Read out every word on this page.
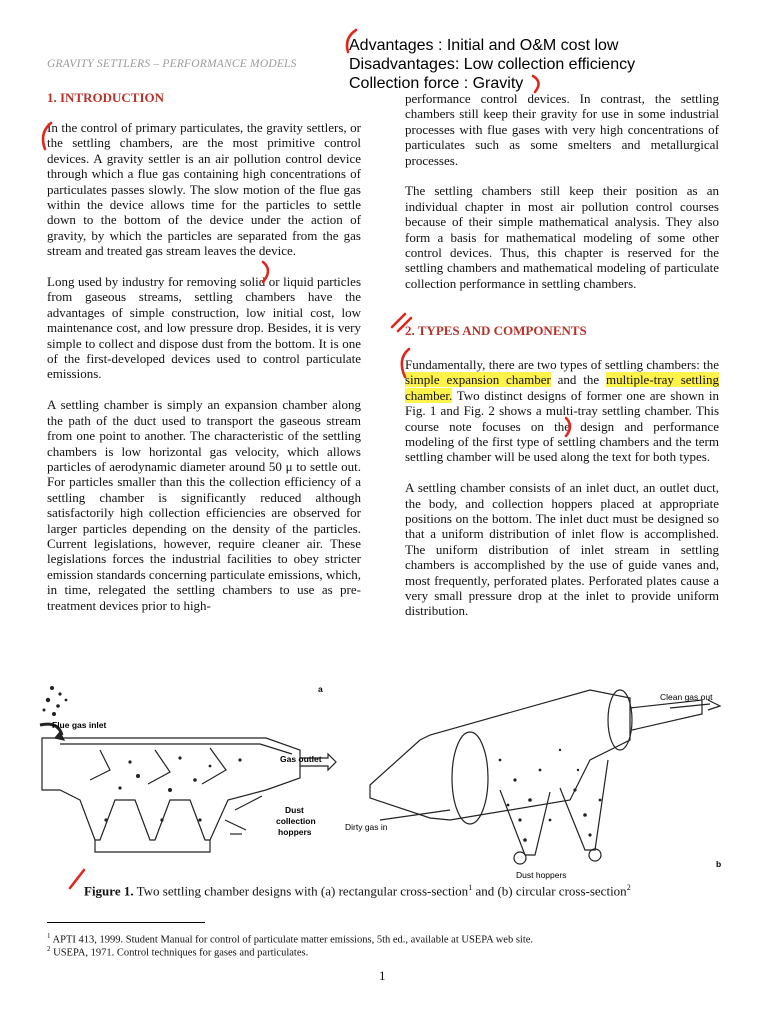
GRAVITY SETTLERS – PERFORMANCE MODELS
Advantages : Initial and O&M cost low
Disadvantages: Low collection efficiency
Collection force : Gravity
1. INTRODUCTION

In the control of primary particulates, the gravity settlers, or the settling chambers, are the most primitive control devices. A gravity settler is an air pollution control device through which a flue gas containing high concentrations of particulates passes slowly. The slow motion of the flue gas within the device allows time for the particles to settle down to the bottom of the device under the action of gravity, by which the particles are separated from the gas stream and treated gas stream leaves the device.

Long used by industry for removing solid or liquid particles from gaseous streams, settling chambers have the advantages of simple construction, low initial cost, low maintenance cost, and low pressure drop. Besides, it is very simple to collect and dispose dust from the bottom. It is one of the first-developed devices used to control particulate emissions.

A settling chamber is simply an expansion chamber along the path of the duct used to transport the gaseous stream from one point to another. The characteristic of the settling chambers is low horizontal gas velocity, which allows particles of aerodynamic diameter around 50 μ to settle out. For particles smaller than this the collection efficiency of a settling chamber is significantly reduced although satisfactorily high collection efficiencies are observed for larger particles depending on the density of the particles. Current legislations, however, require cleaner air. These legislations forces the industrial facilities to obey stricter emission standards concerning particulate emissions, which, in time, relegated the settling chambers to use as pre-treatment devices prior to high-

performance control devices. In contrast, the settling chambers still keep their gravity for use in some industrial processes with flue gases with very high concentrations of particulates such as some smelters and metallurgical processes.

The settling chambers still keep their position as an individual chapter in most air pollution control courses because of their simple mathematical analysis. They also form a basis for mathematical modeling of some other control devices. Thus, this chapter is reserved for the settling chambers and mathematical modeling of particulate collection performance in settling chambers.

2. TYPES AND COMPONENTS

Fundamentally, there are two types of settling chambers: the simple expansion chamber and the multiple-tray settling chamber. Two distinct designs of former one are shown in Fig. 1 and Fig. 2 shows a multi-tray settling chamber. This course note focuses on the design and performance modeling of the first type of settling chambers and the term settling chamber will be used along the text for both types.

A settling chamber consists of an inlet duct, an outlet duct, the body, and collection hoppers placed at appropriate positions on the bottom. The inlet duct must be designed so that a uniform distribution of inlet flow is accomplished. The uniform distribution of inlet stream in settling chambers is accomplished by the use of guide vanes and, most frequently, perforated plates. Perforated plates cause a very small pressure drop at the inlet to provide uniform distribution.

a
Flue gas inlet
Gas outlet
Dust
collection
hoppers
Clean gas out
Dirty gas in
Dust hoppers
b
Figure 1. Two settling chamber designs with (a) rectangular cross-section$^1$ and (b) circular cross-section$^2$
$^1$ APTI 413, 1999. Student Manual for control of particulate matter emissions, 5th ed., available at USEPA web site.
$^2$ USEPA, 1971. Control techniques for gases and particulates.
1
